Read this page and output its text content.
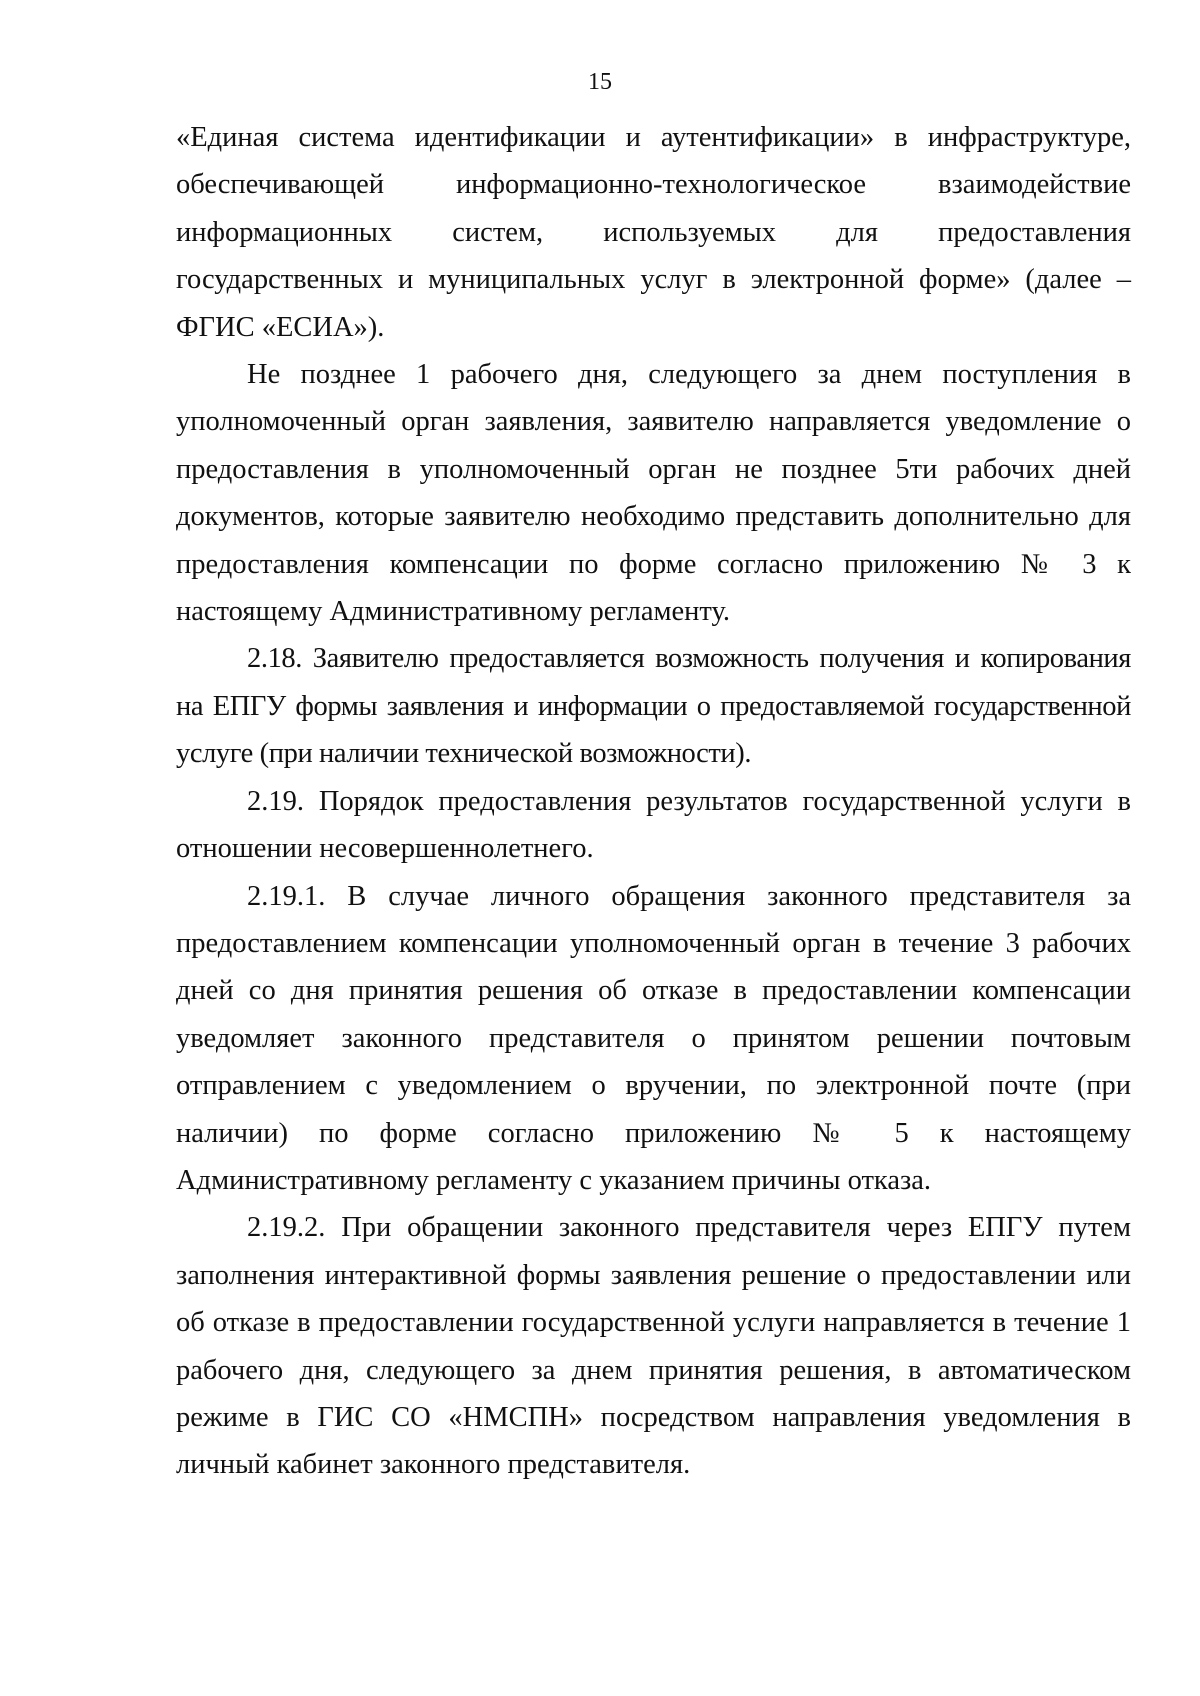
15

«Единая система идентификации и аутентификации» в инфраструктуре, обеспечивающей информационно-технологическое взаимодействие информационных систем, используемых для предоставления государственных и муниципальных услуг в электронной форме» (далее – ФГИС «ЕСИА»).

Не позднее 1 рабочего дня, следующего за днем поступления в уполномоченный орган заявления, заявителю направляется уведомление о предоставления в уполномоченный орган не позднее 5ти рабочих дней документов, которые заявителю необходимо представить дополнительно для предоставления компенсации по форме согласно приложению № 3 к настоящему Административному регламенту.

2.18. Заявителю предоставляется возможность получения и копирования на ЕПГУ формы заявления и информации о предоставляемой государственной услуге (при наличии технической возможности).

2.19. Порядок предоставления результатов государственной услуги в отношении несовершеннолетнего.

2.19.1. В случае личного обращения законного представителя за предоставлением компенсации уполномоченный орган в течение 3 рабочих дней со дня принятия решения об отказе в предоставлении компенсации уведомляет законного представителя о принятом решении почтовым отправлением с уведомлением о вручении, по электронной почте (при наличии) по форме согласно приложению № 5 к настоящему Административному регламенту с указанием причины отказа.

2.19.2. При обращении законного представителя через ЕПГУ путем заполнения интерактивной формы заявления решение о предоставлении или об отказе в предоставлении государственной услуги направляется в течение 1 рабочего дня, следующего за днем принятия решения, в автоматическом режиме в ГИС СО «НМСПН» посредством направления уведомления в личный кабинет законного представителя.
